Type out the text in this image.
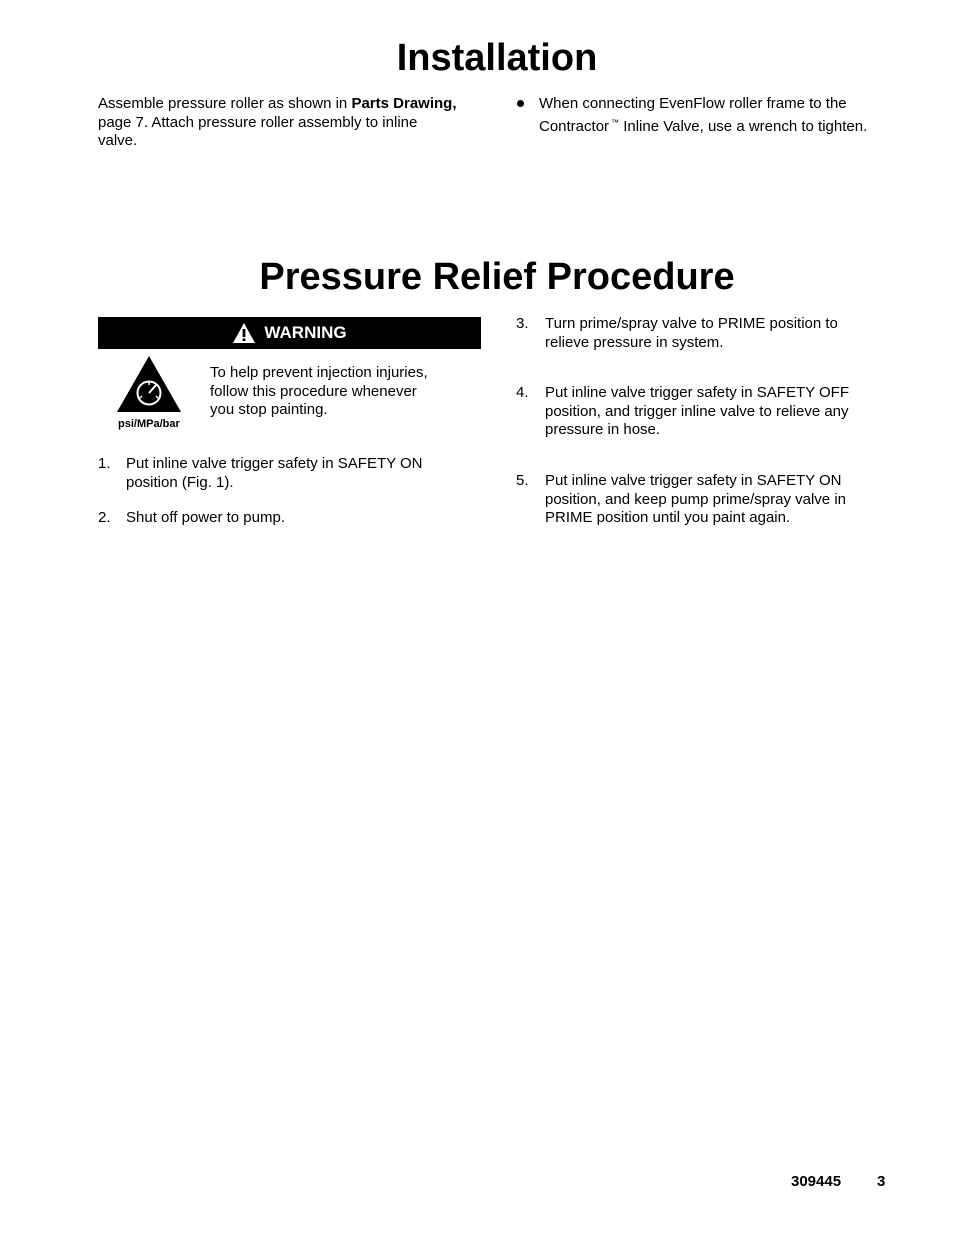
Installation

Assemble pressure roller as shown in Parts Drawing,
page 7. Attach pressure roller assembly to inline
valve.

When connecting EvenFlow roller frame to the
Contractor ™ Inline Valve, use a wrench to tighten.

Pressure Relief Procedure
WARNING
psi/MPa/bar

To help prevent injection injuries,
follow this procedure whenever
you stop painting.

1. Put inline valve trigger safety in SAFETY ON
position (Fig. 1).

2. Shut off power to pump.

3. Turn prime/spray valve to PRIME position to
relieve pressure in system.

4. Put inline valve trigger safety in SAFETY OFF
position, and trigger inline valve to relieve any
pressure in hose.

5. Put inline valve trigger safety in SAFETY ON
position, and keep pump prime/spray valve in
PRIME position until you paint again.

309445 3
